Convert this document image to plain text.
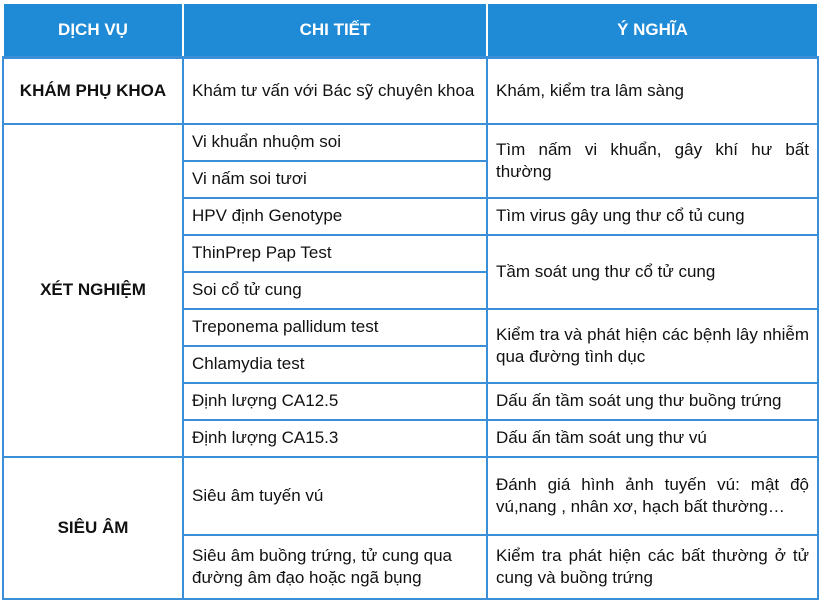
DỊCH VỤ	CHI TIẾT	Ý NGHĨA
KHÁM PHỤ KHOA	Khám tư vấn với Bác sỹ chuyên khoa	Khám, kiểm tra lâm sàng
XÉT NGHIỆM	Vi khuẩn nhuộm soi	Tìm nấm vi khuẩn, gây khí hư bất thường
	Vi nấm soi tươi	
	HPV định Genotype	Tìm virus gây ung thư cổ tủ cung
	ThinPrep Pap Test	Tầm soát ung thư cổ tử cung
	Soi cổ tử cung	
	Treponema pallidum test	Kiểm tra và phát hiện các bệnh lây nhiễm qua đường tình dục
	Chlamydia test	
	Định lượng CA12.5	Dấu ấn tầm soát ung thư buồng trứng
	Định lượng CA15.3	Dấu ấn tầm soát ung thư vú
SIÊU ÂM	Siêu âm tuyến vú	Đánh giá hình ảnh tuyến vú: mật độ vú,nang , nhân xơ, hạch bất thường…
	Siêu âm buồng trứng, tử cung qua đường âm đạo hoặc ngã bụng	Kiểm tra phát hiện các bất thường ở tử cung và buồng trứng
